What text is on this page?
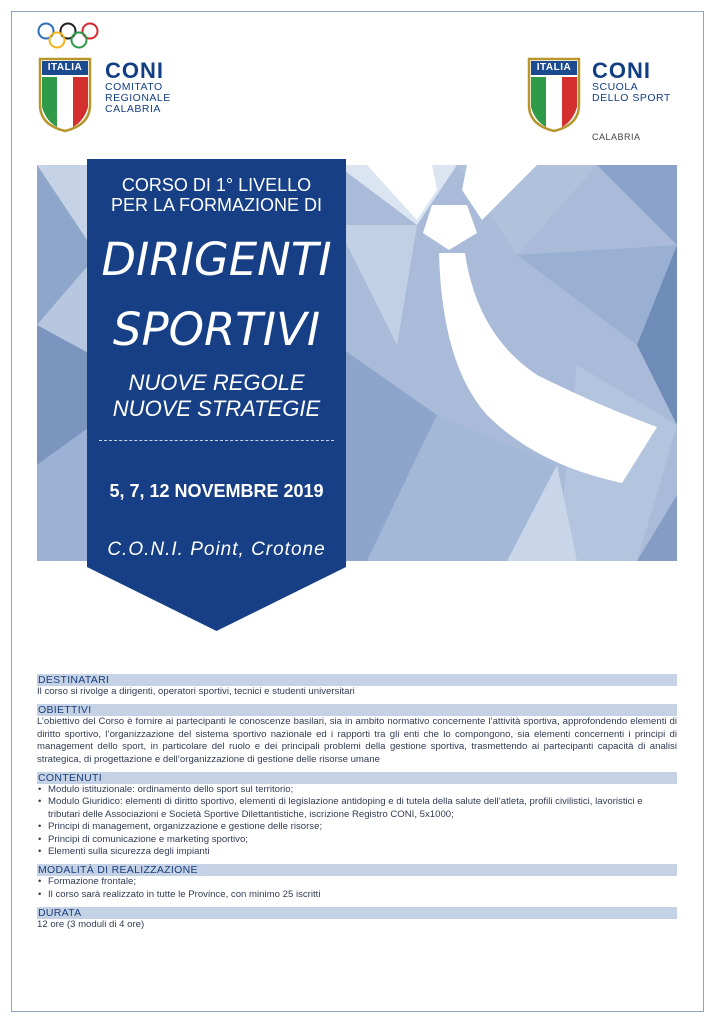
ITALIA	CONI
COMITATO
REGIONALE
CALABRIA
ITALIA CONI
SCUOLA
DELLO SPORT
CALABRIA
CORSO DI 1° LIVELLO
PER LA FORMAZIONE DI
DIRIGENTI
SPORTIVI
NUOVE REGOLE
NUOVE STRATEGIE
5, 7, 12 NOVEMBRE 2019
C.O.N.I. Point, Crotone
DESTINATARI
Il corso si rivolge a dirigenti, operatori sportivi, tecnici e studenti universitari
OBIETTIVI
L’obiettivo del Corso è fornire ai partecipanti le conoscenze basilari, sia in ambito normativo concernente l’attività sportiva, approfondendo elementi di diritto sportivo, l’organizzazione del sistema sportivo nazionale ed i rapporti tra gli enti che lo compongono, sia elementi concernenti i principi di management dello sport, in particolare del ruolo e dei principali problemi della gestione sportiva, trasmettendo ai partecipanti capacità di analisi strategica, di progettazione e dell’organizzazione di gestione delle risorse umane
CONTENUTI
• Modulo istituzionale: ordinamento dello sport sul territorio;
• Modulo Giuridico: elementi di diritto sportivo, elementi di legislazione antidoping e di tutela della salute dell’atleta, profili civilistici, lavoristici e tributari delle Associazioni e Società Sportive Dilettantistiche, iscrizione Registro CONI, 5x1000;
• Principi di management, organizzazione e gestione delle risorse;
• Principi di comunicazione e marketing sportivo;
• Elementi sulla sicurezza degli impianti
MODALITÀ DI REALIZZAZIONE
• Formazione frontale;
• Il corso sarà realizzato in tutte le Province, con minimo 25 iscritti
DURATA
12 ore (3 moduli di 4 ore)
